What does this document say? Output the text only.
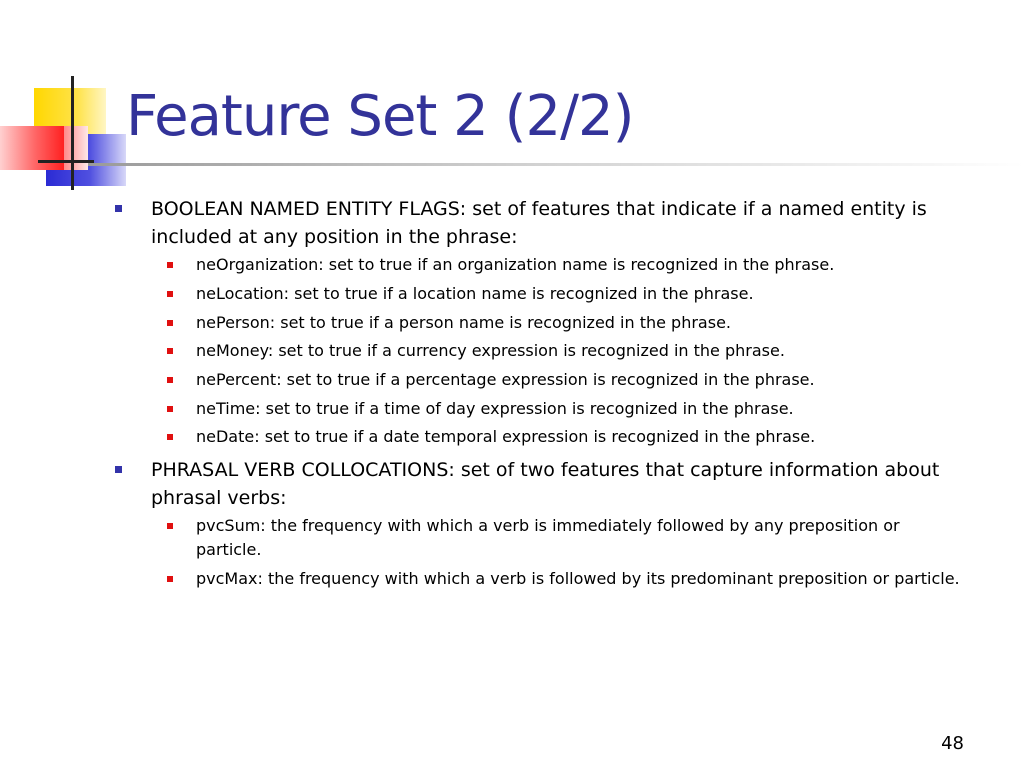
Feature Set 2 (2/2)
BOOLEAN NAMED ENTITY FLAGS: set of features that indicate if a named entity is included at any position in the phrase:
neOrganization: set to true if an organization name is recognized in the phrase.
neLocation: set to true if a location name is recognized in the phrase.
nePerson: set to true if a person name is recognized in the phrase.
neMoney: set to true if a currency expression is recognized in the phrase.
nePercent: set to true if a percentage expression is recognized in the phrase.
neTime: set to true if a time of day expression is recognized in the phrase.
neDate: set to true if a date temporal expression is recognized in the phrase.
PHRASAL VERB COLLOCATIONS: set of two features that capture information about phrasal verbs:
pvcSum: the frequency with which a verb is immediately followed by any preposition or particle.
pvcMax: the frequency with which a verb is followed by its predominant preposition or particle.
48
